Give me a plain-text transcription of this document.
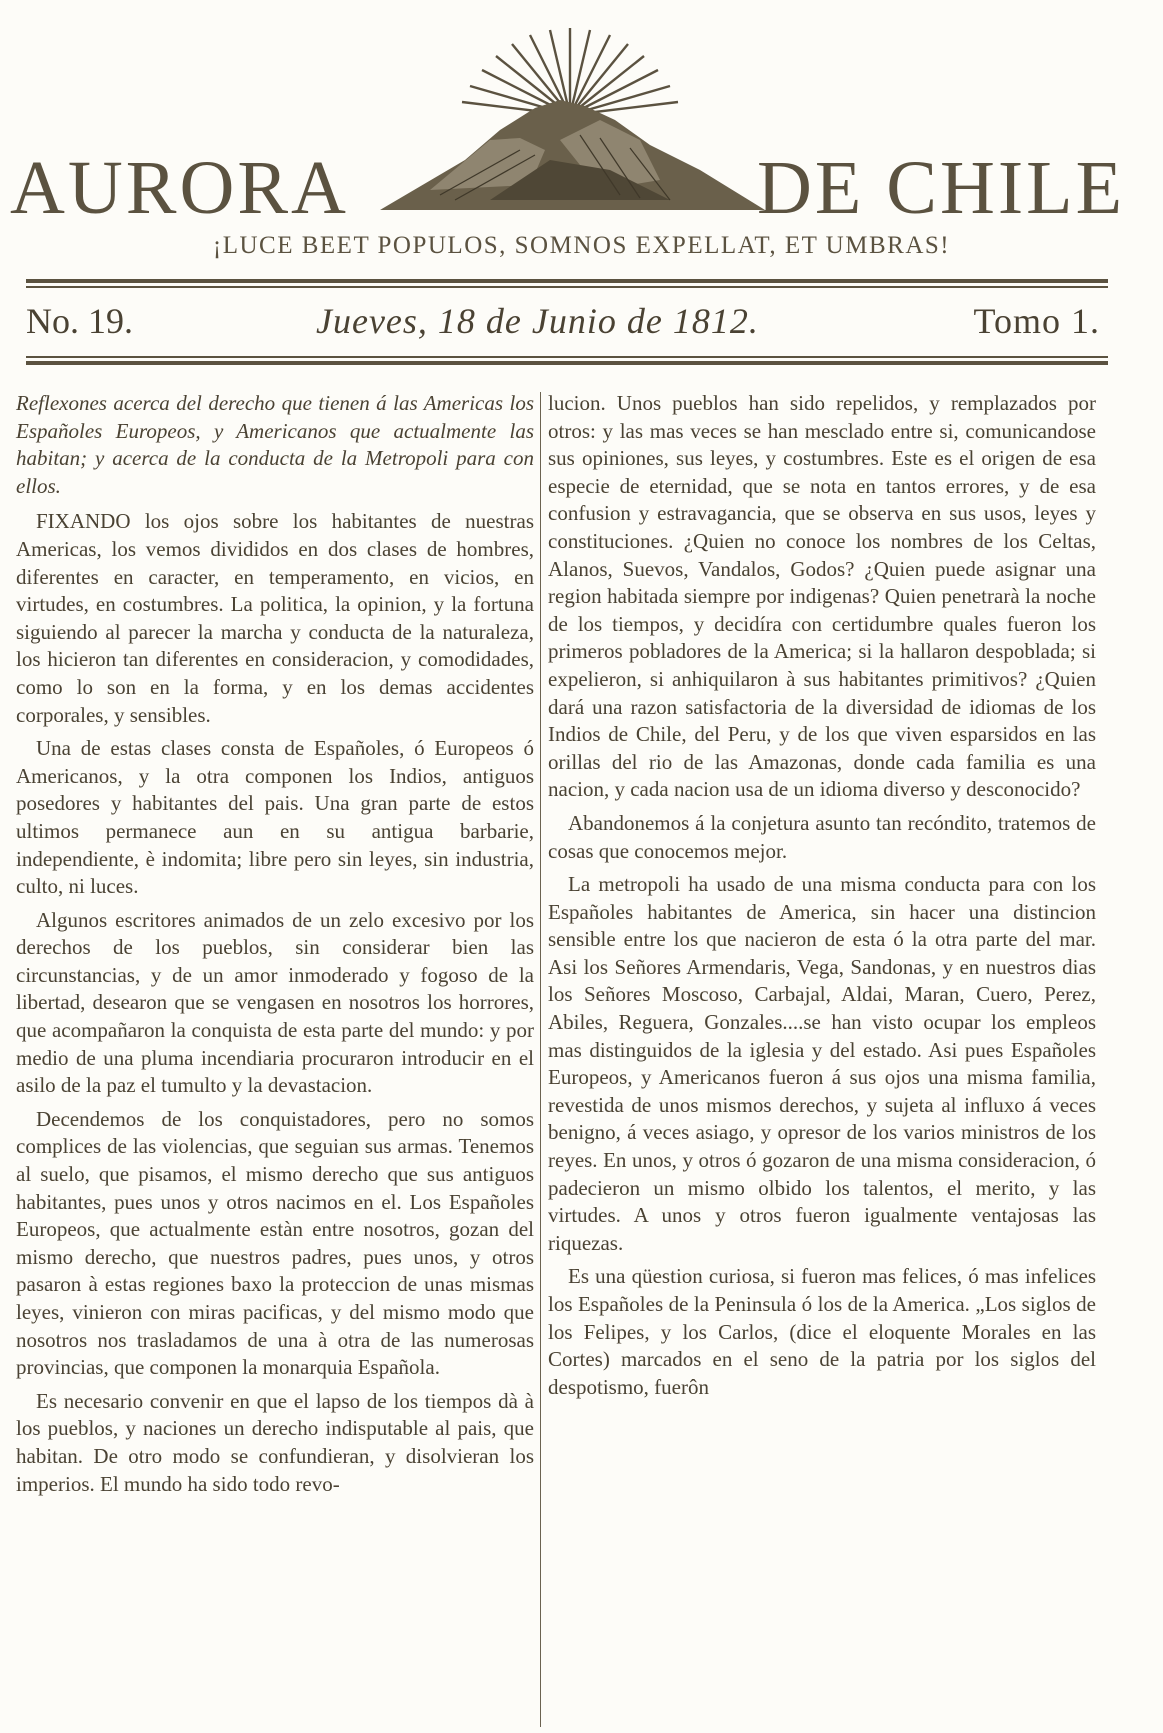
AURORA	DE CHILE
¡LUCE BEET POPULOS, SOMNOS EXPELLAT, ET UMBRAS!
No. 19.	Jueves, 18 de Junio de 1812.	Tomo 1.

Reflexones acerca del derecho que tienen á las Americas los Españoles Europeos, y Americanos que actualmente las habitan; y acerca de la conducta de la Metropoli para con ellos.

FIXANDO los ojos sobre los habitantes de nuestras Americas, los vemos divididos en dos clases de hombres, diferentes en caracter, en temperamento, en vicios, en virtudes, en costumbres. La politica, la opinion, y la fortuna siguiendo al parecer la marcha y conducta de la naturaleza, los hicieron tan diferentes en consideracion, y comodidades, como lo son en la forma, y en los demas accidentes corporales, y sensibles.

Una de estas clases consta de Españoles, ó Europeos ó Americanos, y la otra componen los Indios, antiguos posedores y habitantes del pais. Una gran parte de estos ultimos permanece aun en su antigua barbarie, independiente, è indomita; libre pero sin leyes, sin industria, culto, ni luces.

Algunos escritores animados de un zelo excesivo por los derechos de los pueblos, sin considerar bien las circunstancias, y de un amor inmoderado y fogoso de la libertad, desearon que se vengasen en nosotros los horrores, que acompañaron la conquista de esta parte del mundo: y por medio de una pluma incendiaria procuraron introducir en el asilo de la paz el tumulto y la devastacion.

Decendemos de los conquistadores, pero no somos complices de las violencias, que seguian sus armas. Tenemos al suelo, que pisamos, el mismo derecho que sus antiguos habitantes, pues unos y otros nacimos en el. Los Españoles Europeos, que actualmente estàn entre nosotros, gozan del mismo derecho, que nuestros padres, pues unos, y otros pasaron à estas regiones baxo la proteccion de unas mismas leyes, vinieron con miras pacificas, y del mismo modo que nosotros nos trasladamos de una à otra de las numerosas provincias, que componen la monarquia Española.

Es necesario convenir en que el lapso de los tiempos dà à los pueblos, y naciones un derecho indisputable al pais, que habitan. De otro modo se confundieran, y disolvieran los imperios. El mundo ha sido todo revo-

lucion. Unos pueblos han sido repelidos, y remplazados por otros: y las mas veces se han mesclado entre si, comunicandose sus opiniones, sus leyes, y costumbres. Este es el origen de esa especie de eternidad, que se nota en tantos errores, y de esa confusion y estravagancia, que se observa en sus usos, leyes y constituciones. ¿Quien no conoce los nombres de los Celtas, Alanos, Suevos, Vandalos, Godos? ¿Quien puede asignar una region habitada siempre por indigenas? Quien penetrarà la noche de los tiempos, y decidíra con certidumbre quales fueron los primeros pobladores de la America; si la hallaron despoblada; si expelieron, si anhiquilaron à sus habitantes primitivos? ¿Quien dará una razon satisfactoria de la diversidad de idiomas de los Indios de Chile, del Peru, y de los que viven esparsidos en las orillas del rio de las Amazonas, donde cada familia es una nacion, y cada nacion usa de un idioma diverso y desconocido?

Abandonemos á la conjetura asunto tan recóndito, tratemos de cosas que conocemos mejor.

La metropoli ha usado de una misma conducta para con los Españoles habitantes de America, sin hacer una distincion sensible entre los que nacieron de esta ó la otra parte del mar. Asi los Señores Armendaris, Vega, Sandonas, y en nuestros dias los Señores Moscoso, Carbajal, Aldai, Maran, Cuero, Perez, Abiles, Reguera, Gonzales....se han visto ocupar los empleos mas distinguidos de la iglesia y del estado. Asi pues Españoles Europeos, y Americanos fueron á sus ojos una misma familia, revestida de unos mismos derechos, y sujeta al influxo á veces benigno, á veces asiago, y opresor de los varios ministros de los reyes. En unos, y otros ó gozaron de una misma consideracion, ó padecieron un mismo olbido los talentos, el merito, y las virtudes. A unos y otros fueron igualmente ventajosas las riquezas.

Es una qüestion curiosa, si fueron mas felices, ó mas infelices los Españoles de la Peninsula ó los de la America. „Los siglos de los Felipes, y los Carlos, (dice el eloquente Morales en las Cortes) marcados en el seno de la patria por los siglos del despotismo, fuerôn
